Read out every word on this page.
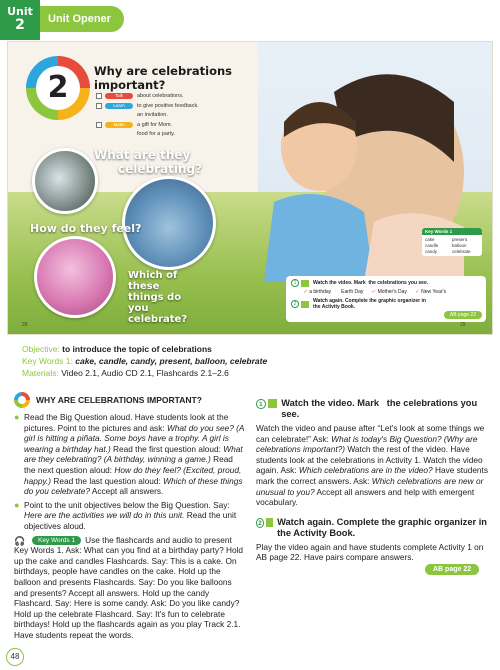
Unit
2	Unit Opener
2	Why are celebrations important?
Talk	about celebrations.
Learn	to give positive feedback.
an invitation.
Make	a gift for Mom.
food for a party.
What are they
celebrating?
How do they feel?
Which of these things do you celebrate?
28	29
Key Words 1
cake	present
candle	balloon
candy	celebrate
1	Watch the video. Mark
the celebrations you see.
✓ a birthday Earth Day ✓ Mother's Day ✓ New Year's
2	Watch again. Complete the graphic organizer in the Activity Book.
AB page 22
Objective: to introduce the topic of celebrations
Key Words 1: cake, candle, candy, present, balloon, celebrate
Materials: Video 2.1, Audio CD 2.1, Flashcards 2.1–2.6
WHY ARE CELEBRATIONS IMPORTANT?
● Read the Big Question aloud. Have students look at the pictures. Point to the pictures and ask: What do you see? (A girl is hitting a piñata. Some boys have a trophy. A girl is wearing a birthday hat.) Read the first question aloud: What are they celebrating? (A birthday, winning a game.) Read the next question aloud: How do they feel? (Excited, proud, happy.) Read the last question aloud: Which of these things do you celebrate? Accept all answers.

● Point to the unit objectives below the Big Question. Say: Here are the activities we will do in this unit. Read the unit objectives aloud.

🎧 Key Words 1 Use the flashcards and audio to present Key Words 1. Ask: What can you find at a birthday party? Hold up the cake and candles Flashcards. Say: This is a cake. On birthdays, people have candles on the cake. Hold up the balloon and presents Flashcards. Say: Do you like balloons and presents? Accept all answers. Hold up the candy Flashcard. Say: Here is some candy. Ask: Do you like candy? Hold up the celebrate Flashcard. Say: It's fun to celebrate birthdays! Hold up the flashcards again as you play Track 2.1. Have students repeat the words.

1	Watch the video. Mark the celebrations you see.

Watch the video and pause after “Let's look at some things we can celebrate!” Ask: What is today's Big Question? (Why are celebrations important?) Watch the rest of the video. Have students look at the celebrations in Activity 1. Watch the video again. Ask: Which celebrations are in the video? Have students mark the correct answers. Ask: Which celebrations are new or unusual to you? Accept all answers and help with emergent vocabulary.

2 Watch again. Complete the graphic organizer in the Activity Book.

Play the video again and have students complete Activity 1 on AB page 22. Have pairs compare answers.

AB page 22
48
